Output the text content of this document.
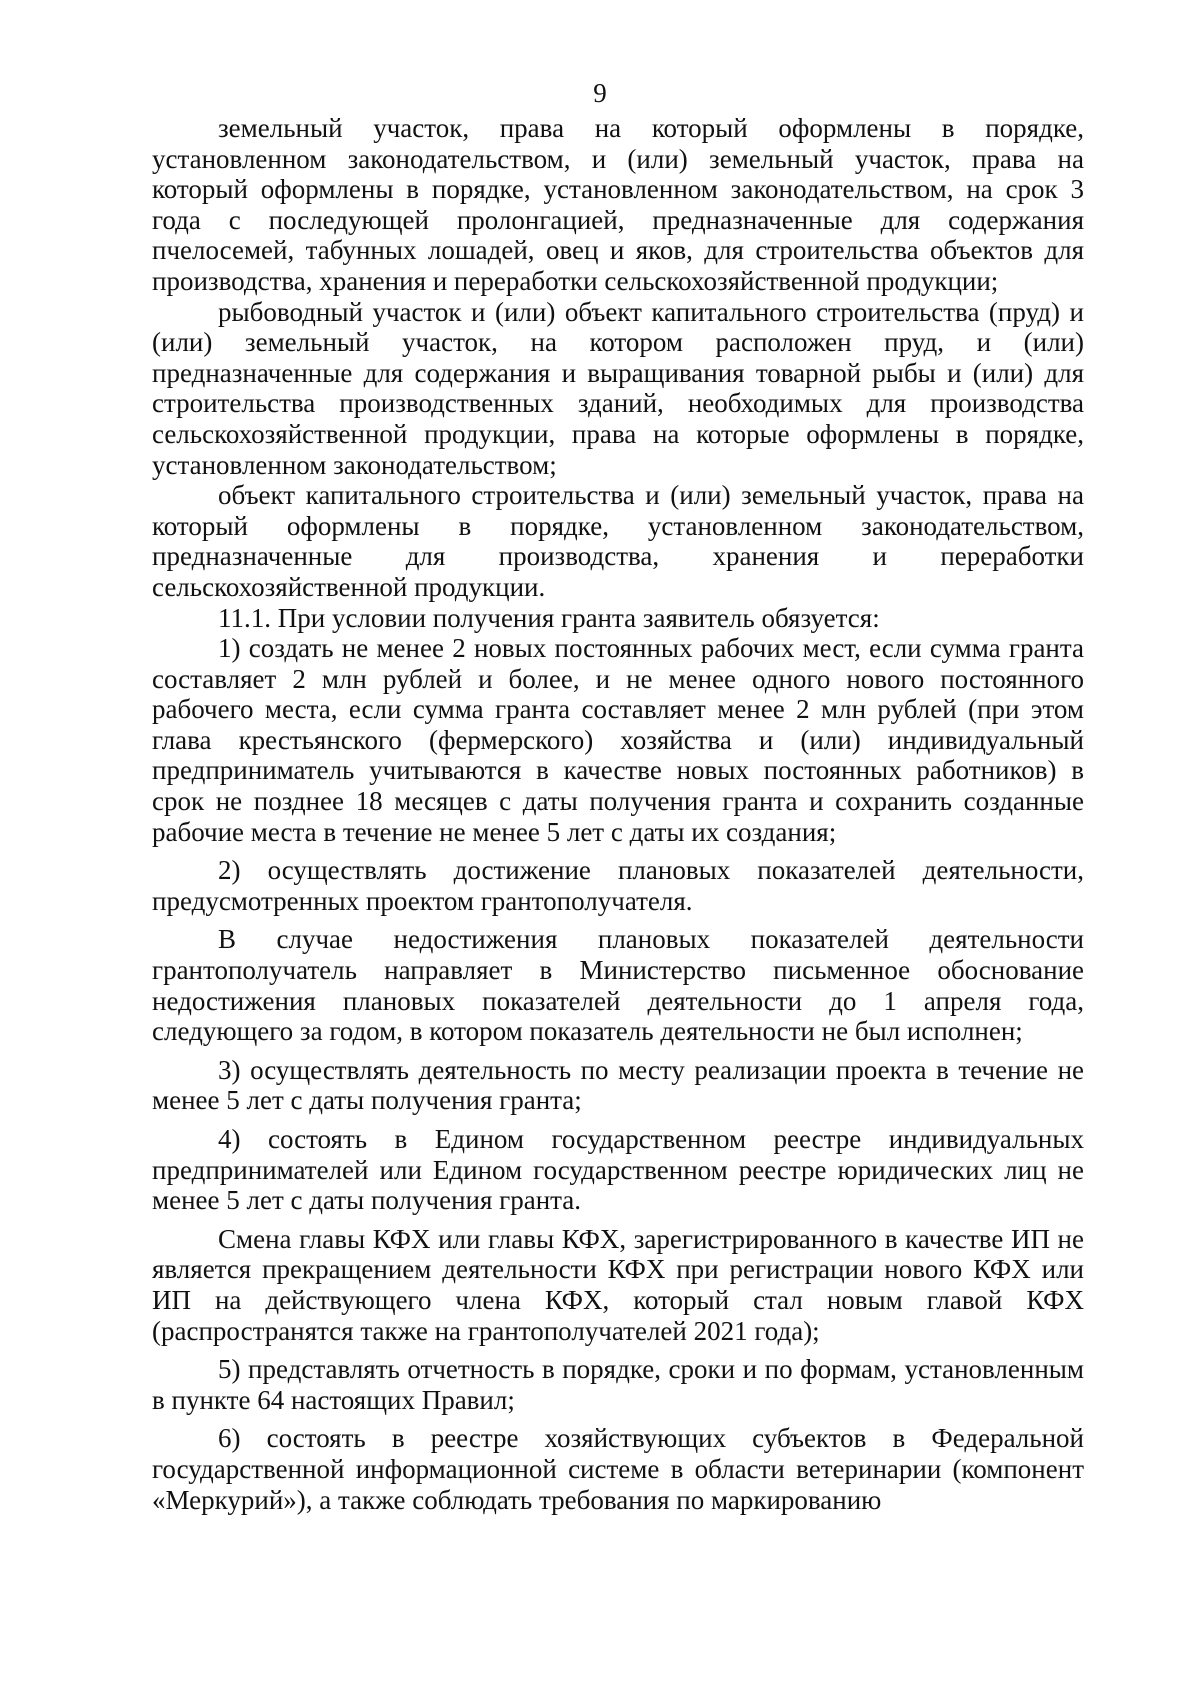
9

земельный участок, права на который оформлены в порядке, установленном законодательством, и (или) земельный участок, права на который оформлены в порядке, установленном законодательством, на срок 3 года с последующей пролонгацией, предназначенные для содержания пчелосемей, табунных лошадей, овец и яков, для строительства объектов для производства, хранения и переработки сельскохозяйственной продукции;

рыбоводный участок и (или) объект капитального строительства (пруд) и (или) земельный участок, на котором расположен пруд, и (или) предназначенные для содержания и выращивания товарной рыбы и (или) для строительства производственных зданий, необходимых для производства сельскохозяйственной продукции, права на которые оформлены в порядке, установленном законодательством;

объект капитального строительства и (или) земельный участок, права на который оформлены в порядке, установленном законодательством, предназначенные для производства, хранения и переработки сельскохозяйственной продукции.

11.1. При условии получения гранта заявитель обязуется:

1) создать не менее 2 новых постоянных рабочих мест, если сумма гранта составляет 2 млн рублей и более, и не менее одного нового постоянного рабочего места, если сумма гранта составляет менее 2 млн рублей (при этом глава крестьянского (фермерского) хозяйства и (или) индивидуальный предприниматель учитываются в качестве новых постоянных работников) в срок не позднее 18 месяцев с даты получения гранта и сохранить созданные рабочие места в течение не менее 5 лет с даты их создания;

2) осуществлять достижение плановых показателей деятельности, предусмотренных проектом грантополучателя.

В случае недостижения плановых показателей деятельности грантополучатель направляет в Министерство письменное обоснование недостижения плановых показателей деятельности до 1 апреля года, следующего за годом, в котором показатель деятельности не был исполнен;

3) осуществлять деятельность по месту реализации проекта в течение не менее 5 лет с даты получения гранта;

4) состоять в Едином государственном реестре индивидуальных предпринимателей или Едином государственном реестре юридических лиц не менее 5 лет с даты получения гранта.

Смена главы КФХ или главы КФХ, зарегистрированного в качестве ИП не является прекращением деятельности КФХ при регистрации нового КФХ или ИП на действующего члена КФХ, который стал новым главой КФХ (распространятся также на грантополучателей 2021 года);

5) представлять отчетность в порядке, сроки и по формам, установленным в пункте 64 настоящих Правил;

6) состоять в реестре хозяйствующих субъектов в Федеральной государственной информационной системе в области ветеринарии (компонент «Меркурий»), а также соблюдать требования по маркированию
